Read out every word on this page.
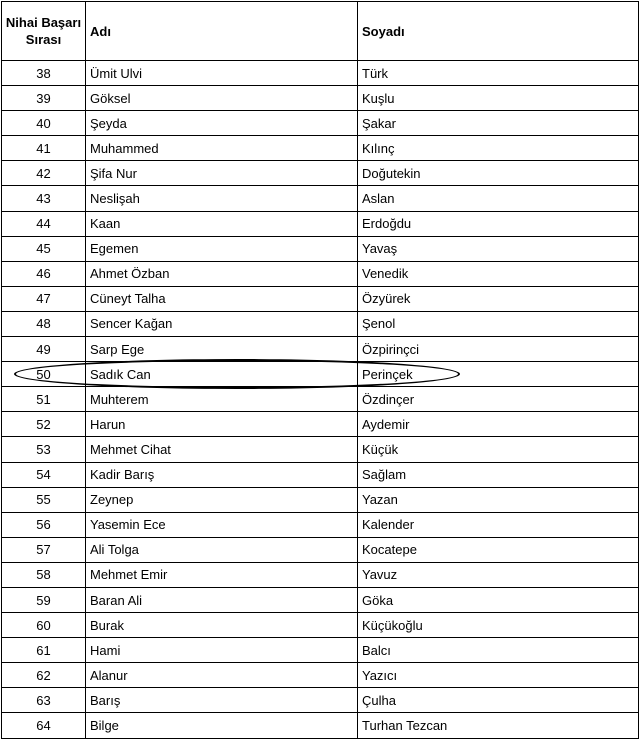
Nihai Başarı Sırası	Adı	Soyadı
38	Ümit Ulvi	Türk
39	Göksel	Kuşlu
40	Şeyda	Şakar
41	Muhammed	Kılınç
42	Şifa Nur	Doğutekin
43	Neslişah	Aslan
44	Kaan	Erdoğdu
45	Egemen	Yavaş
46	Ahmet Özban	Venedik
47	Cüneyt Talha	Özyürek
48	Sencer Kağan	Şenol
49	Sarp Ege	Özpirinçci
50	Sadık Can	Perinçek
51	Muhterem	Özdinçer
52	Harun	Aydemir
53	Mehmet Cihat	Küçük
54	Kadir Barış	Sağlam
55	Zeynep	Yazan
56	Yasemin Ece	Kalender
57	Ali Tolga	Kocatepe
58	Mehmet Emir	Yavuz
59	Baran Ali	Göka
60	Burak	Küçükoğlu
61	Hami	Balcı
62	Alanur	Yazıcı
63	Barış	Çulha
64	Bilge	Turhan Tezcan
